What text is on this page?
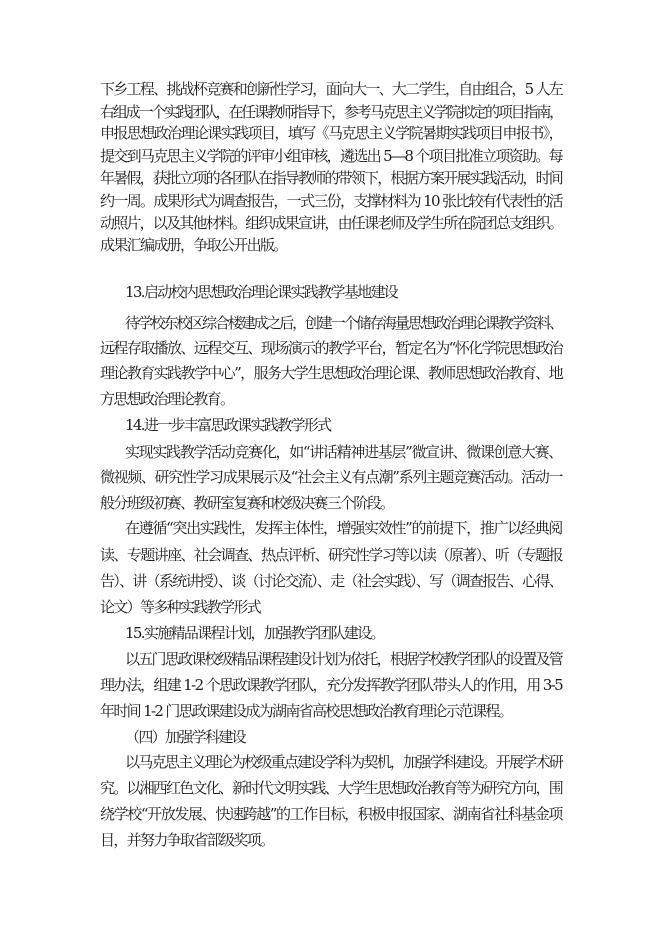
下乡工程、挑战杯竞赛和创新性学习，面向大一、大二学生，自由组合，5 人左
右组成一个实践团队，在任课教师指导下，参考马克思主义学院拟定的项目指南，
申报思想政治理论课实践项目，填写《马克思主义学院暑期实践项目申报书》，
提交到马克思主义学院的评审小组审核，遴选出 5—8 个项目批准立项资助。每
年暑假，获批立项的各团队在指导教师的带领下，根据方案开展实践活动，时间
约一周。成果形式为调查报告，一式三份，支撑材料为 10 张比较有代表性的活
动照片，以及其他材料。组织成果宣讲，由任课老师及学生所在院团总支组织。
成果汇编成册，争取公开出版。
13.启动校内思想政治理论课实践教学基地建设
待学校东校区综合楼建成之后，创建一个储存海量思想政治理论课教学资料、
远程存取播放、远程交互、现场演示的教学平台，暂定名为“怀化学院思想政治
理论教育实践教学中心”，服务大学生思想政治理论课、教师思想政治教育、地
方思想政治理论教育。
14.进一步丰富思政课实践教学形式
实现实践教学活动竞赛化，如“讲话精神进基层”微宣讲、微课创意大赛、
微视频、研究性学习成果展示及“社会主义有点潮”系列主题竞赛活动。活动一
般分班级初赛、教研室复赛和校级决赛三个阶段。
在遵循“突出实践性，发挥主体性，增强实效性”的前提下，推广以经典阅
读、专题讲座、社会调查、热点评析、研究性学习等以读（原著）、听（专题报
告）、讲（系统讲授）、谈（讨论交流）、走（社会实践）、写（调查报告、心得、
论文）等多种实践教学形式
15.实施精品课程计划，加强教学团队建设。
以五门思政课校级精品课程建设计划为依托，根据学校教学团队的设置及管
理办法，组建 1-2 个思政课教学团队，充分发挥教学团队带头人的作用，用 3-5
年时间 1-2 门思政课建设成为湖南省高校思想政治教育理论示范课程。
（四）加强学科建设
以马克思主义理论为校级重点建设学科为契机，加强学科建设。开展学术研
究。以湘西红色文化、新时代文明实践、大学生思想政治教育等为研究方向，围
绕学校“开放发展、快速跨越”的工作目标，积极申报国家、湖南省社科基金项
目，并努力争取省部级奖项。
